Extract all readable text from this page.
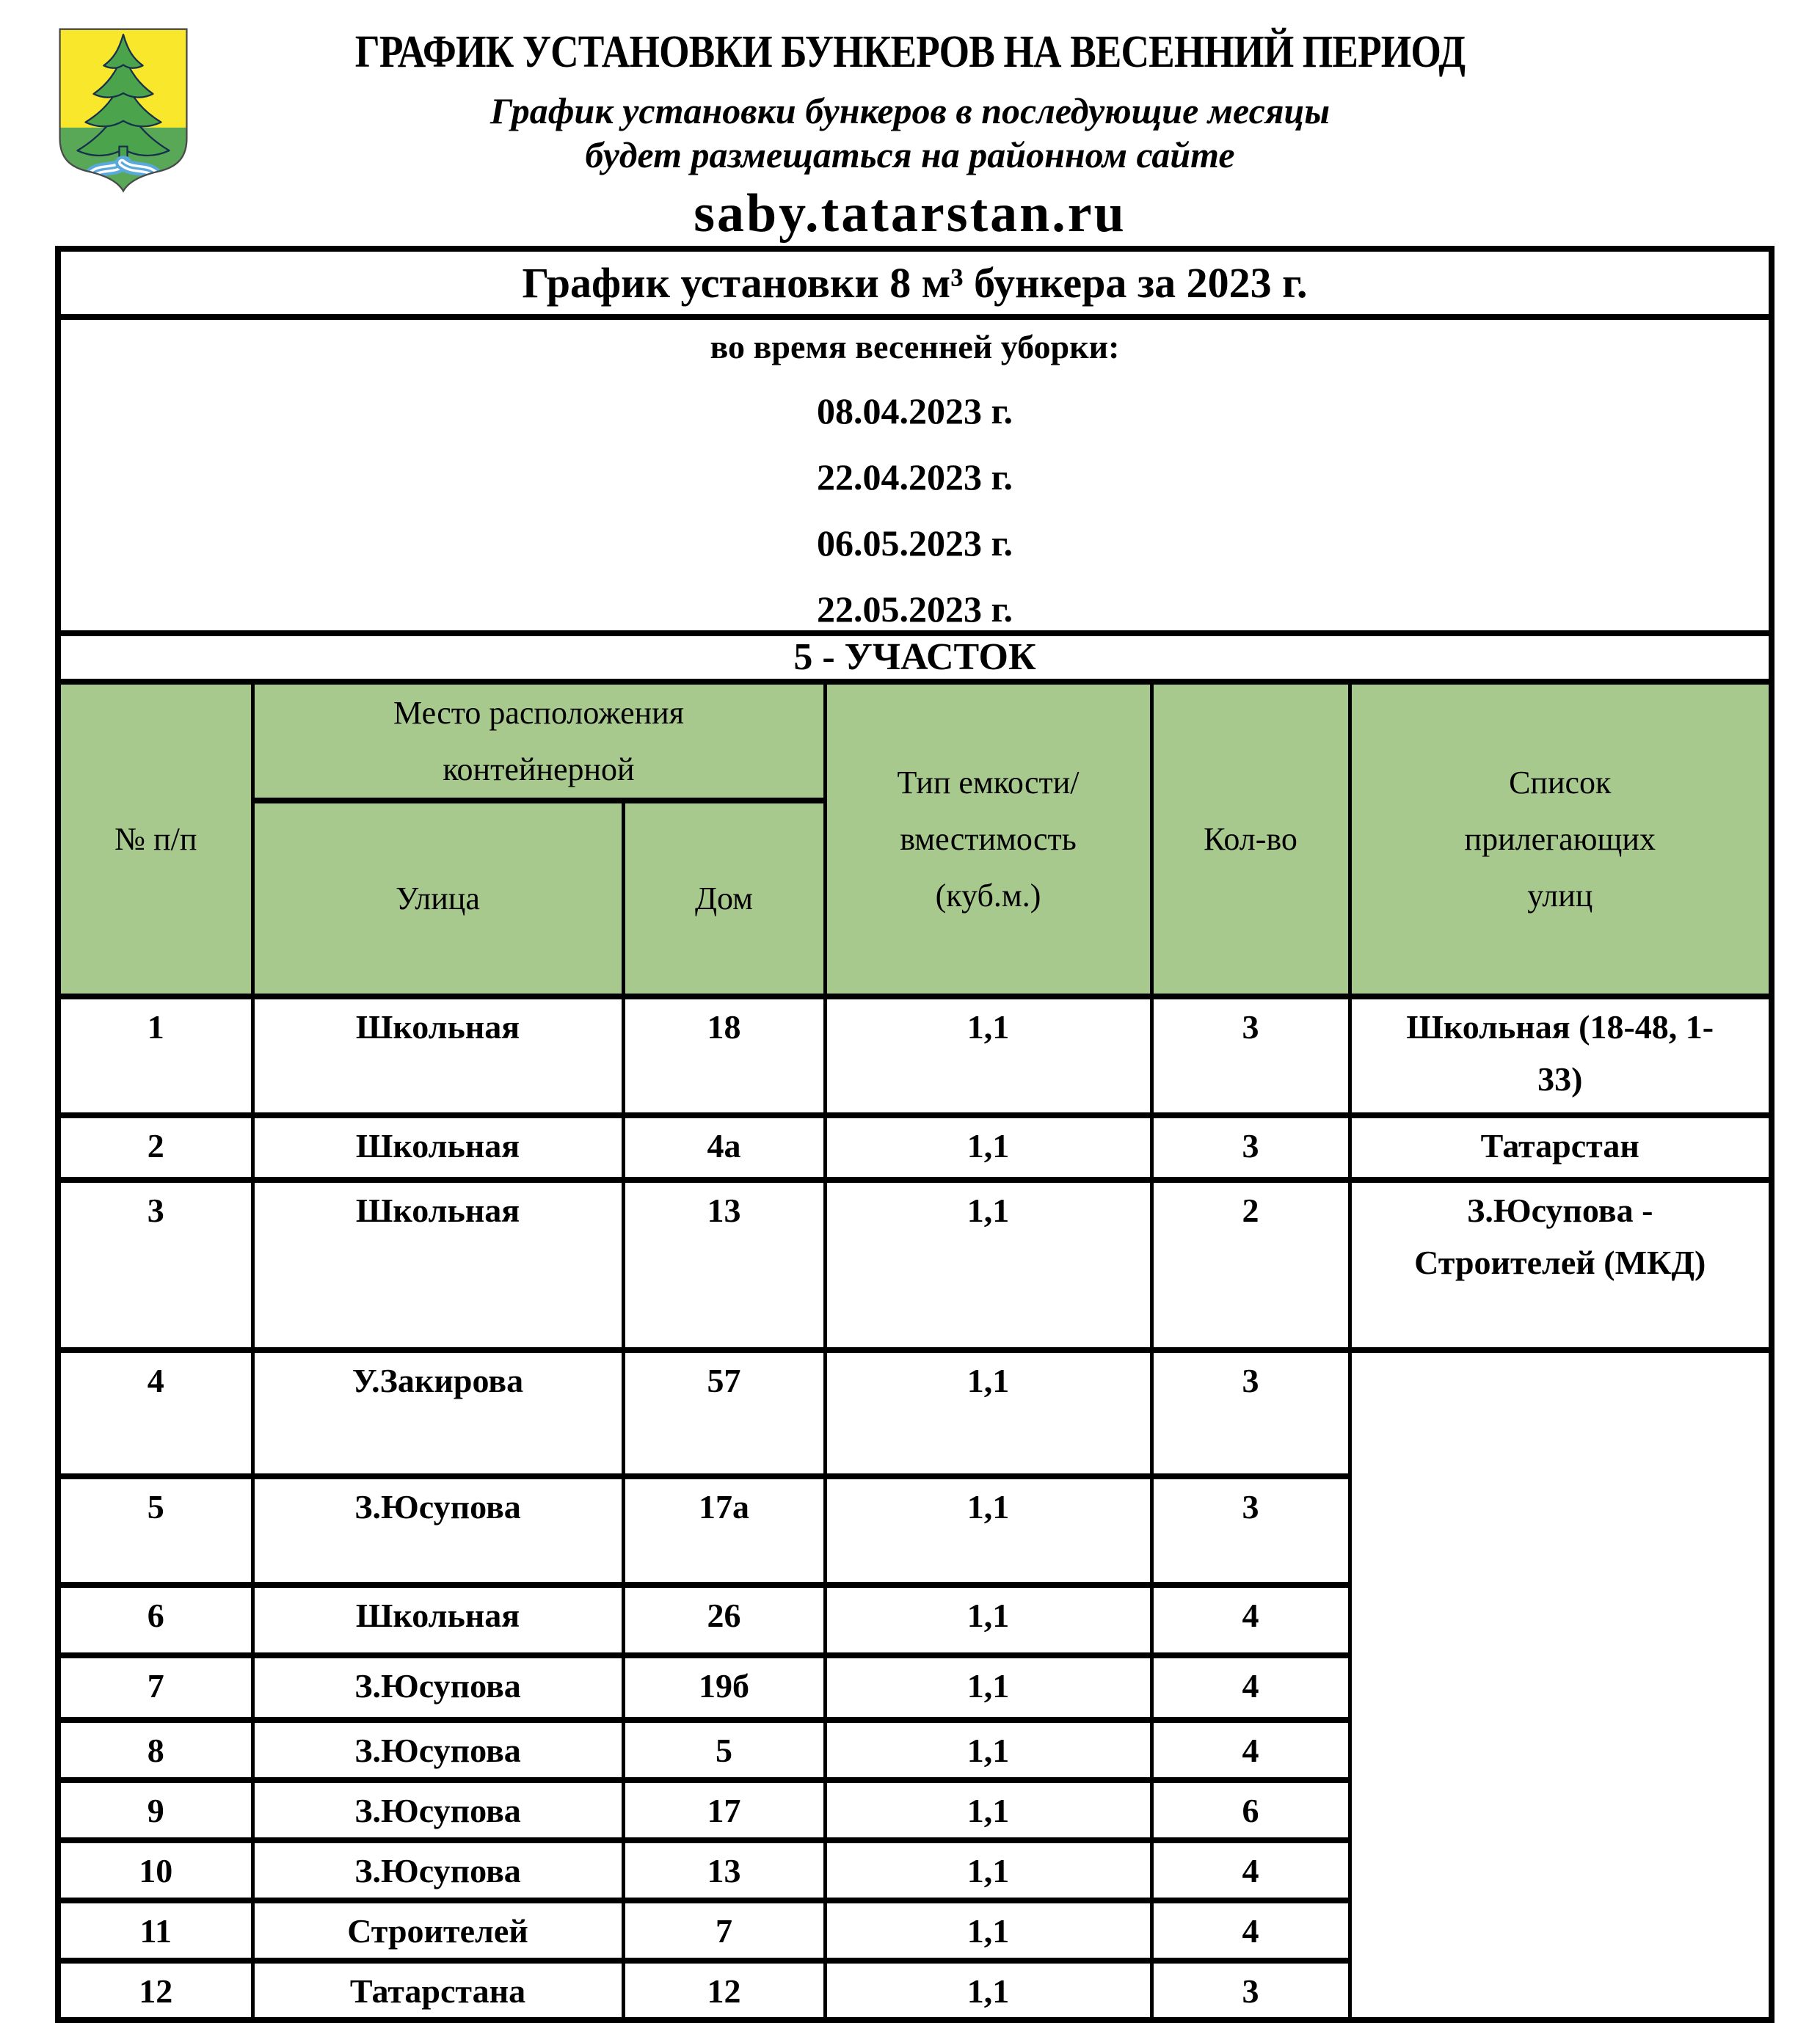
ГРАФИК УСТАНОВКИ БУНКЕРОВ НА ВЕСЕННИЙ ПЕРИОД
График установки бункеров в последующие месяцы
будет размещаться на районном сайте
saby.tatarstan.ru
График установки 8 м³ бункера за 2023 г.					

во время весенней уборки:
08.04.2023 г.
22.04.2023 г.
06.05.2023 г.
22.05.2023 г.					

5 - УЧАСТОК					
№ п/п	Место расположения контейнерной		Тип емкости/ вместимость (куб.м.)	Кол-во	Список прилегающих улиц
	Улица	Дом			
1	Школьная	18	1,1	3	Школьная (18-48, 1-33)
2	Школьная	4а	1,1	3	Татарстан
3	Школьная	13	1,1	2	З.Юсупова - Строителей (МКД)
4	У.Закирова	57	1,1	3	
5	З.Юсупова	17а	1,1	3	
6	Школьная	26	1,1	4	
7	З.Юсупова	19б	1,1	4	
8	З.Юсупова	5	1,1	4	
9	З.Юсупова	17	1,1	6	
10	З.Юсупова	13	1,1	4	
11	Строителей	7	1,1	4	
12	Татарстана	12	1,1	3	
